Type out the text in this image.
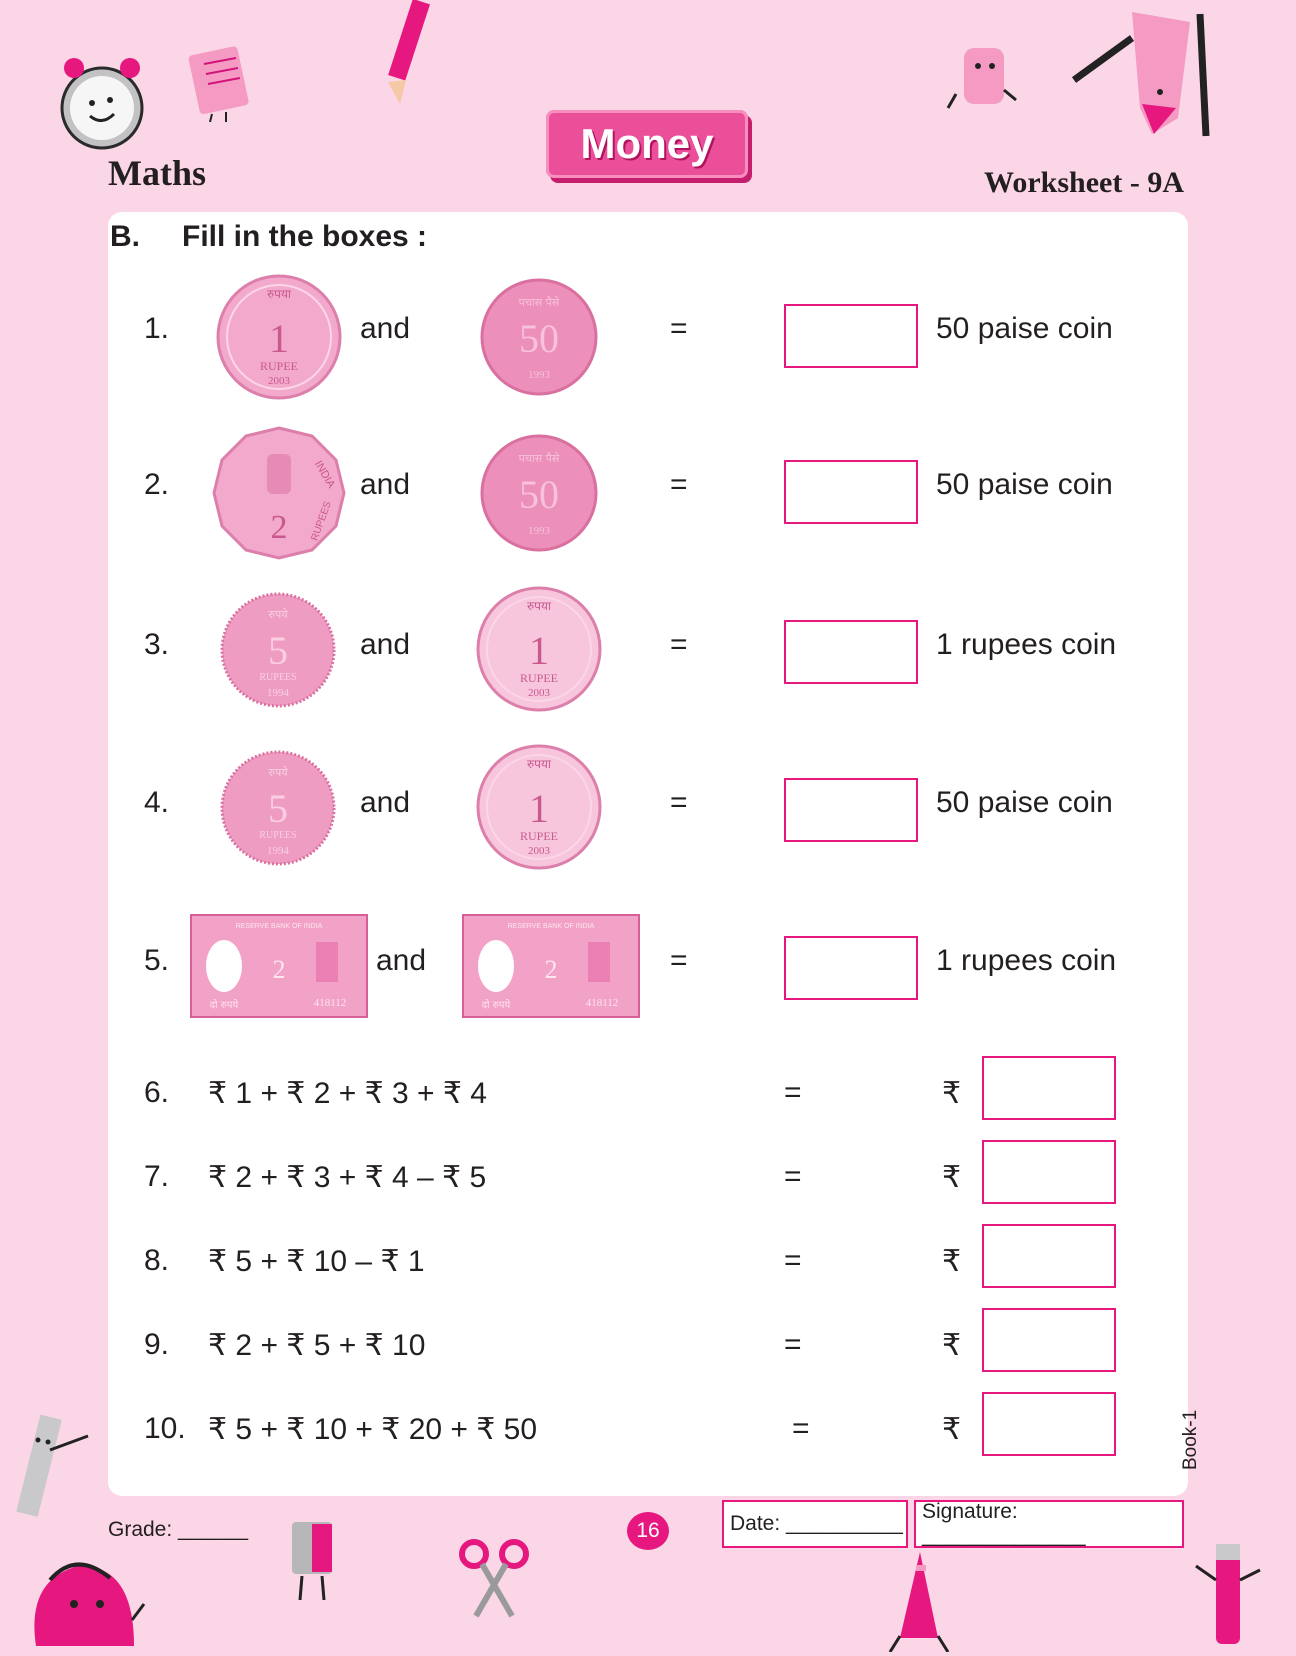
Maths
Money
Worksheet - 9A
B. Fill in the boxes :
1.
रुपया
1
RUPEE
2003
and
पचास पैसे
50
1993
=	50 paise coin
2.	INDIA
2 RUPEES
and
पचास पैसे
50
1993
=	50 paise coin
3.
रुपये
5
RUPEES
1994
and
रुपया
1
RUPEE
2003
=	1 rupees coin
4.
रुपये
5
RUPEES
1994
and
रुपया
1
RUPEE
2003
=	50 paise coin
5.
RESERVE BANK OF INDIA
2
418112
दो रुपये
and
RESERVE BANK OF INDIA
2
418112
दो रुपये
=	1 rupees coin
6. ₹ 1 + ₹ 2 + ₹ 3 + ₹ 4	=	₹
7. ₹ 2 + ₹ 3 + ₹ 4 – ₹ 5	=	₹
8. ₹ 5 + ₹ 10 – ₹ 1	=	₹
9. ₹ 2 + ₹ 5 + ₹ 10	=	₹
10. ₹ 5 + ₹ 10 + ₹ 20 + ₹ 50	=	₹	Book-1
Grade: ______	16	Date: __________
Signature: ______________
